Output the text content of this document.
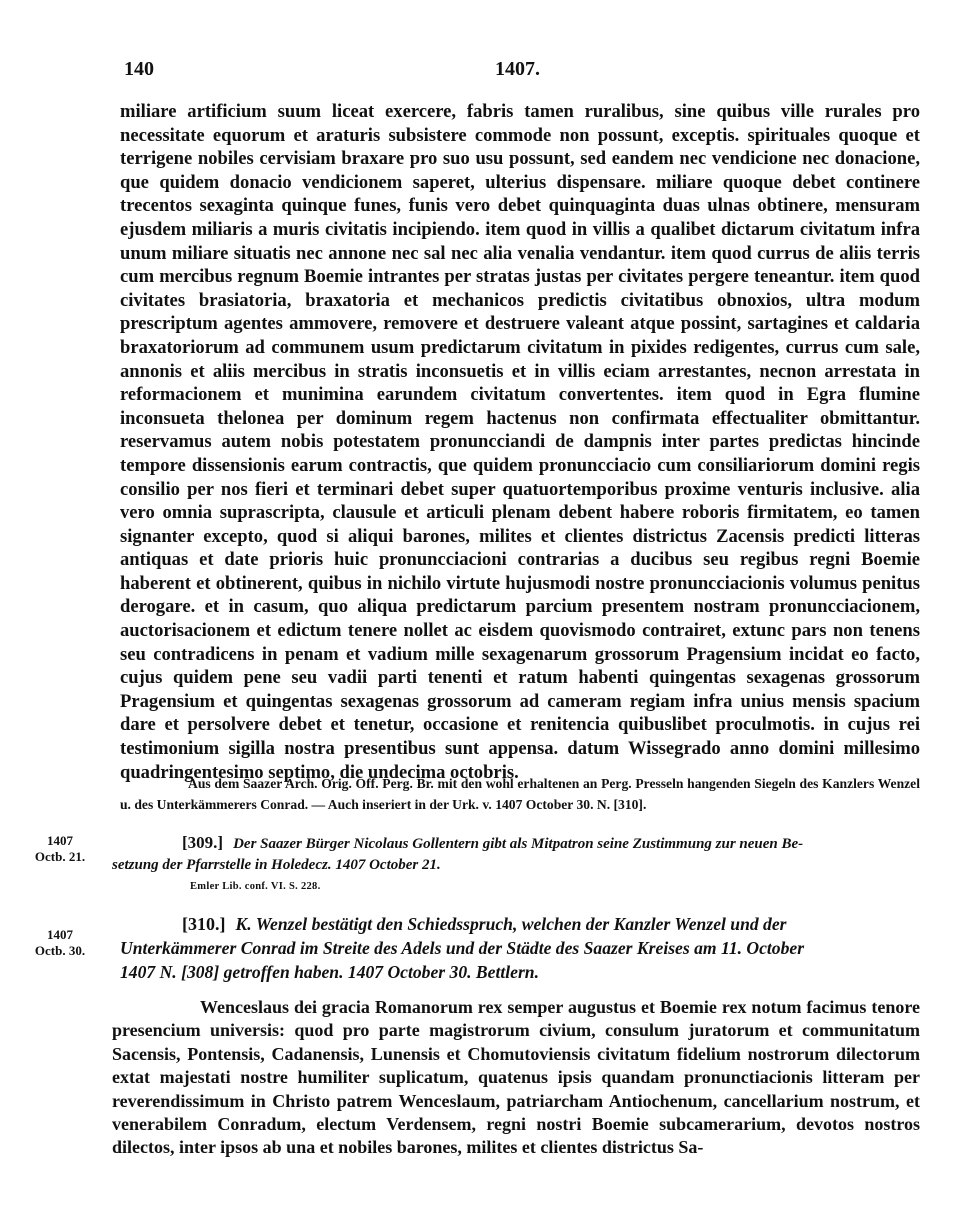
140	1407.
miliare artificium suum liceat exercere, fabris tamen ruralibus, sine quibus ville rurales pro necessitate equorum et araturis subsistere commode non possunt, exceptis. spirituales quoque et terrigene nobiles cervisiam braxare pro suo usu possunt, sed eandem nec vendicione nec donacione, que quidem donacio vendicionem saperet, ulterius dispensare. miliare quoque debet continere trecentos sexaginta quinque funes, funis vero debet quinquaginta duas ulnas obtinere, mensuram ejusdem miliaris a muris civitatis incipiendo. item quod in villis a qualibet dictarum civitatum infra unum miliare situatis nec annone nec sal nec alia venalia vendantur. item quod currus de aliis terris cum mercibus regnum Boemie intrantes per stratas justas per civitates pergere teneantur. item quod civitates brasiatoria, braxatoria et mechanicos predictis civitatibus obnoxios, ultra modum prescriptum agentes ammovere, removere et destruere valeant atque possint, sartagines et caldaria braxatoriorum ad communem usum predictarum civitatum in pixides redigentes, currus cum sale, annonis et aliis mercibus in stratis inconsuetis et in villis eciam arrestantes, necnon arrestata in reformacionem et munimina earundem civitatum convertentes. item quod in Egra flumine inconsueta thelonea per dominum regem hactenus non confirmata effectualiter obmittantur. reservamus autem nobis potestatem pronuncciandi de dampnis inter partes predictas hincinde tempore dissensionis earum contractis, que quidem pronuncciacio cum consiliariorum domini regis consilio per nos fieri et terminari debet super quatuortemporibus proxime venturis inclusive. alia vero omnia suprascripta, clausule et articuli plenam debent habere roboris firmitatem, eo tamen signanter excepto, quod si aliqui barones, milites et clientes districtus Zacensis predicti litteras antiquas et date prioris huic pronuncciacioni contrarias a ducibus seu regibus regni Boemie haberent et obtinerent, quibus in nichilo virtute hujusmodi nostre pronuncciacionis volumus penitus derogare. et in casum, quo aliqua predictarum parcium presentem nostram pronuncciacionem, auctorisacionem et edictum tenere nollet ac eisdem quovismodo contrairet, extunc pars non tenens seu contradicens in penam et vadium mille sexagenarum grossorum Pragensium incidat eo facto, cujus quidem pene seu vadii parti tenenti et ratum habenti quingentas sexagenas grossorum Pragensium et quingentas sexagenas grossorum ad cameram regiam infra unius mensis spacium dare et persolvere debet et tenetur, occasione et renitencia quibuslibet proculmotis. in cujus rei testimonium sigilla nostra presentibus sunt appensa. datum Wissegrado anno domini millesimo quadringentesimo septimo, die undecima octobris.
Aus dem Saazer Arch. Orig. Off. Perg. Br. mit den wohl erhaltenen an Perg. Presseln hangenden Siegeln des Kanzlers Wenzel u. des Unterkämmerers Conrad. — Auch inseriert in der Urk. v. 1407 October 30. N. [310].
1407
Octb. 21.
[309.] Der Saazer Bürger Nicolaus Gollentern gibt als Mitpatron seine Zustimmung zur neuen Be-
setzung der Pfarrstelle in Holedecz. 1407 October 21.
Emler Lib. conf. VI. S. 228.
1407
Octb. 30.
[310.] K. Wenzel bestätigt den Schiedsspruch, welchen der Kanzler Wenzel und der
Unterkämmerer Conrad im Streite des Adels und der Städte des Saazer Kreises am 11. October
1407 N. [308] getroffen haben. 1407 October 30. Bettlern.
Wenceslaus dei gracia Romanorum rex semper augustus et Boemie rex notum facimus tenore presencium universis: quod pro parte magistrorum civium, consulum juratorum et communitatum Sacensis, Pontensis, Cadanensis, Lunensis et Chomutoviensis civitatum fidelium nostrorum dilectorum extat majestati nostre humiliter suplicatum, quatenus ipsis quandam pronunctiacionis litteram per reverendissimum in Christo patrem Wenceslaum, patriarcham Antiochenum, cancellarium nostrum, et venerabilem Conradum, electum Verdensem, regni nostri Boemie subcamerarium, devotos nostros dilectos, inter ipsos ab una et nobiles barones, milites et clientes districtus Sa-
